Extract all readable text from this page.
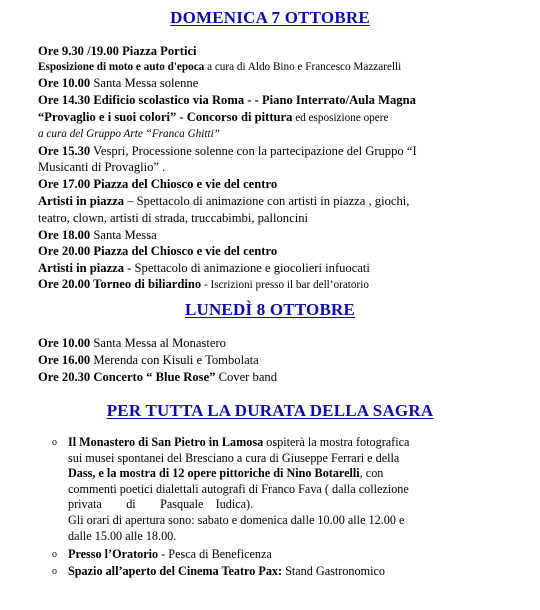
DOMENICA 7 OTTOBRE
Ore 9.30 /19.00 Piazza Portici
Esposizione di moto e auto d'epoca a cura di Aldo Bino e Francesco Mazzarelli
Ore 10.00 Santa Messa solenne
Ore 14.30 Edificio scolastico via Roma - - Piano Interrato/Aula Magna
“Provaglio e i suoi colori” - Concorso di pittura ed esposizione opere
a cura del Gruppo Arte “Franca Ghitti”
Ore 15.30 Vespri, Processione solenne con la partecipazione del Gruppo “I
Musicanti di Provaglio” .
Ore 17.00 Piazza del Chiosco e vie del centro
Artisti in piazza – Spettacolo di animazione con artisti in piazza , giochi,
teatro, clown, artisti di strada, truccabimbi, palloncini
Ore 18.00 Santa Messa
Ore 20.00 Piazza del Chiosco e vie del centro
Artisti in piazza - Spettacolo di animazione e giocolieri infuocati
Ore 20.00 Torneo di biliardino - Iscrizioni presso il bar dell’oratorio
LUNEDÌ 8 OTTOBRE
Ore 10.00 Santa Messa al Monastero
Ore 16.00 Merenda con Kisuli e Tombolata
Ore 20.30 Concerto “ Blue Rose” Cover band
PER TUTTA LA DURATA DELLA SAGRA
o Il Monastero di San Pietro in Lamosa ospiterà la mostra fotografica
sui musei spontanei del Bresciano a cura di Giuseppe Ferrari e della
Dass, e la mostra di 12 opere pittoriche di Nino Botarelli, con
commenti poetici dialettali autografi di Franco Fava ( dalla collezione
privata        di        Pasquale    Iudica).
Gli orari di apertura sono: sabato e domenica dalle 10.00 alle 12.00 e
dalle 15.00 alle 18.00.
o Presso l’Oratorio - Pesca di Beneficenza
o Spazio all’aperto del Cinema Teatro Pax: Stand Gastronomico
